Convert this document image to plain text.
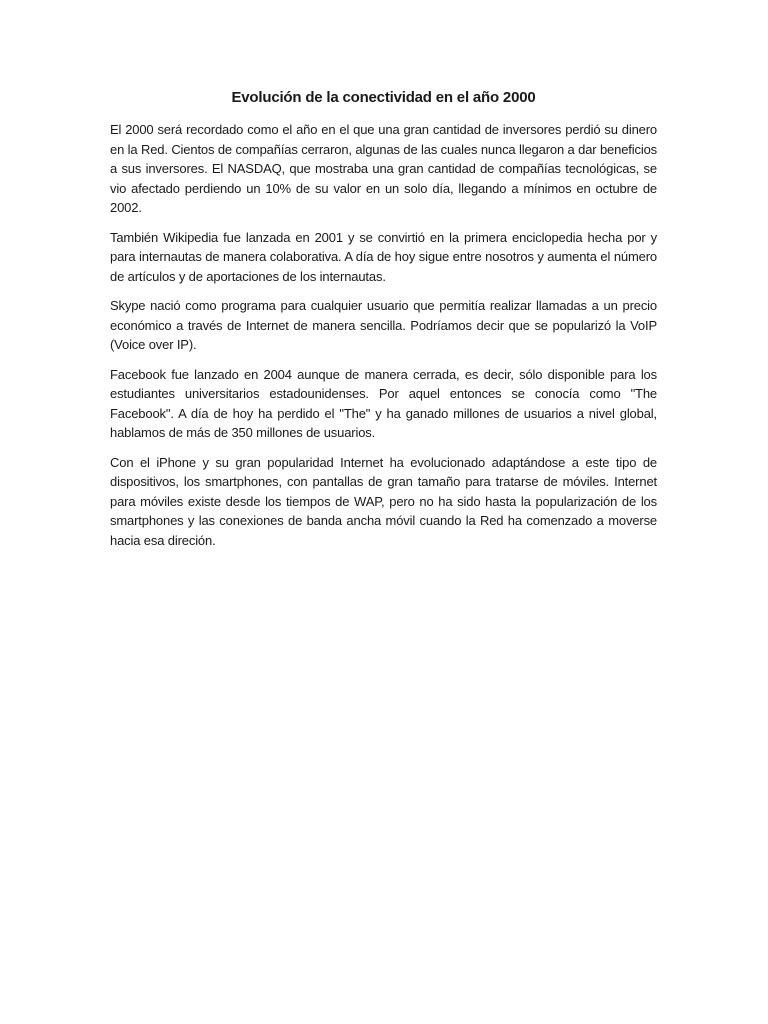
Evolución de la conectividad en el año 2000

El 2000 será recordado como el año en el que una gran cantidad de inversores perdió su dinero en la Red. Cientos de compañías cerraron, algunas de las cuales nunca llegaron a dar beneficios a sus inversores. El NASDAQ, que mostraba una gran cantidad de compañías tecnológicas, se vio afectado perdiendo un 10% de su valor en un solo día, llegando a mínimos en octubre de 2002.

También Wikipedia fue lanzada en 2001 y se convirtió en la primera enciclopedia hecha por y para internautas de manera colaborativa. A día de hoy sigue entre nosotros y aumenta el número de artículos y de aportaciones de los internautas.

Skype nació como programa para cualquier usuario que permitía realizar llamadas a un precio económico a través de Internet de manera sencilla. Podríamos decir que se popularizó la VoIP (Voice over IP).

Facebook fue lanzado en 2004 aunque de manera cerrada, es decir, sólo disponible para los estudiantes universitarios estadounidenses. Por aquel entonces se conocía como "The Facebook". A día de hoy ha perdido el "The" y ha ganado millones de usuarios a nivel global, hablamos de más de 350 millones de usuarios.

Con el iPhone y su gran popularidad Internet ha evolucionado adaptándose a este tipo de dispositivos, los smartphones, con pantallas de gran tamaño para tratarse de móviles. Internet para móviles existe desde los tiempos de WAP, pero no ha sido hasta la popularización de los smartphones y las conexiones de banda ancha móvil cuando la Red ha comenzado a moverse hacia esa direción.
